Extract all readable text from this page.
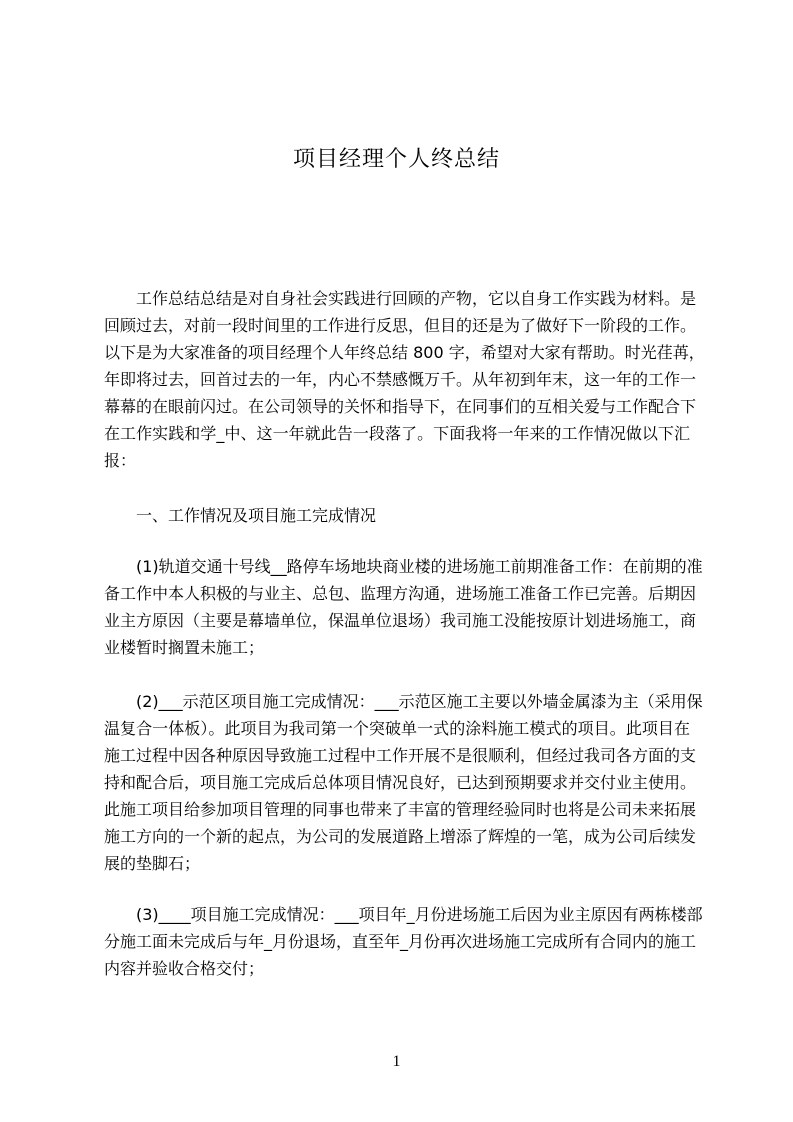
项目经理个人终总结
工作总结总结是对自身社会实践进行回顾的产物，它以自身工作实践为材料。是
回顾过去，对前一段时间里的工作进行反思，但目的还是为了做好下一阶段的工作。
以下是为大家准备的项目经理个人年终总结 800 字，希望对大家有帮助。时光荏苒，
年即将过去，回首过去的一年，内心不禁感慨万千。从年初到年末，这一年的工作一
幕幕的在眼前闪过。在公司领导的关怀和指导下，在同事们的互相关爱与工作配合下
在工作实践和学_中、这一年就此告一段落了。下面我将一年来的工作情况做以下汇
报：
一、工作情况及项目施工完成情况
(1)轨道交通十号线__路停车场地块商业楼的进场施工前期准备工作：在前期的准
备工作中本人积极的与业主、总包、监理方沟通，进场施工准备工作已完善。后期因
业主方原因（主要是幕墙单位，保温单位退场）我司施工没能按原计划进场施工，商
业楼暂时搁置未施工；
(2)___示范区项目施工完成情况：___示范区施工主要以外墙金属漆为主（采用保
温复合一体板）。此项目为我司第一个突破单一式的涂料施工模式的项目。此项目在
施工过程中因各种原因导致施工过程中工作开展不是很顺利，但经过我司各方面的支
持和配合后，项目施工完成后总体项目情况良好，已达到预期要求并交付业主使用。
此施工项目给参加项目管理的同事也带来了丰富的管理经验同时也将是公司未来拓展
施工方向的一个新的起点，为公司的发展道路上增添了辉煌的一笔，成为公司后续发
展的垫脚石；
(3)____项目施工完成情况：___项目年_月份进场施工后因为业主原因有两栋楼部
分施工面未完成后与年_月份退场，直至年_月份再次进场施工完成所有合同内的施工
内容并验收合格交付；
1
